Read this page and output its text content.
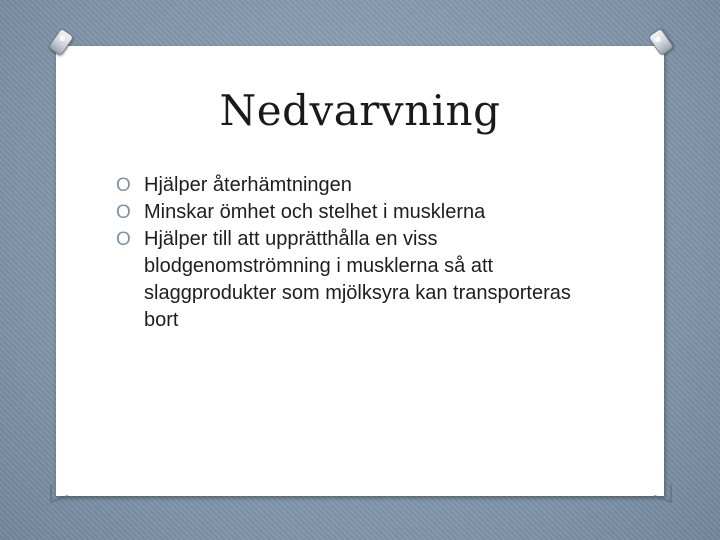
Nedvarvning
O Hjälper återhämtningen
O Minskar ömhet och stelhet i musklerna
O Hjälper till att upprätthålla en viss blodgenomströmning i musklerna så att slaggprodukter som mjölksyra kan transporteras bort
